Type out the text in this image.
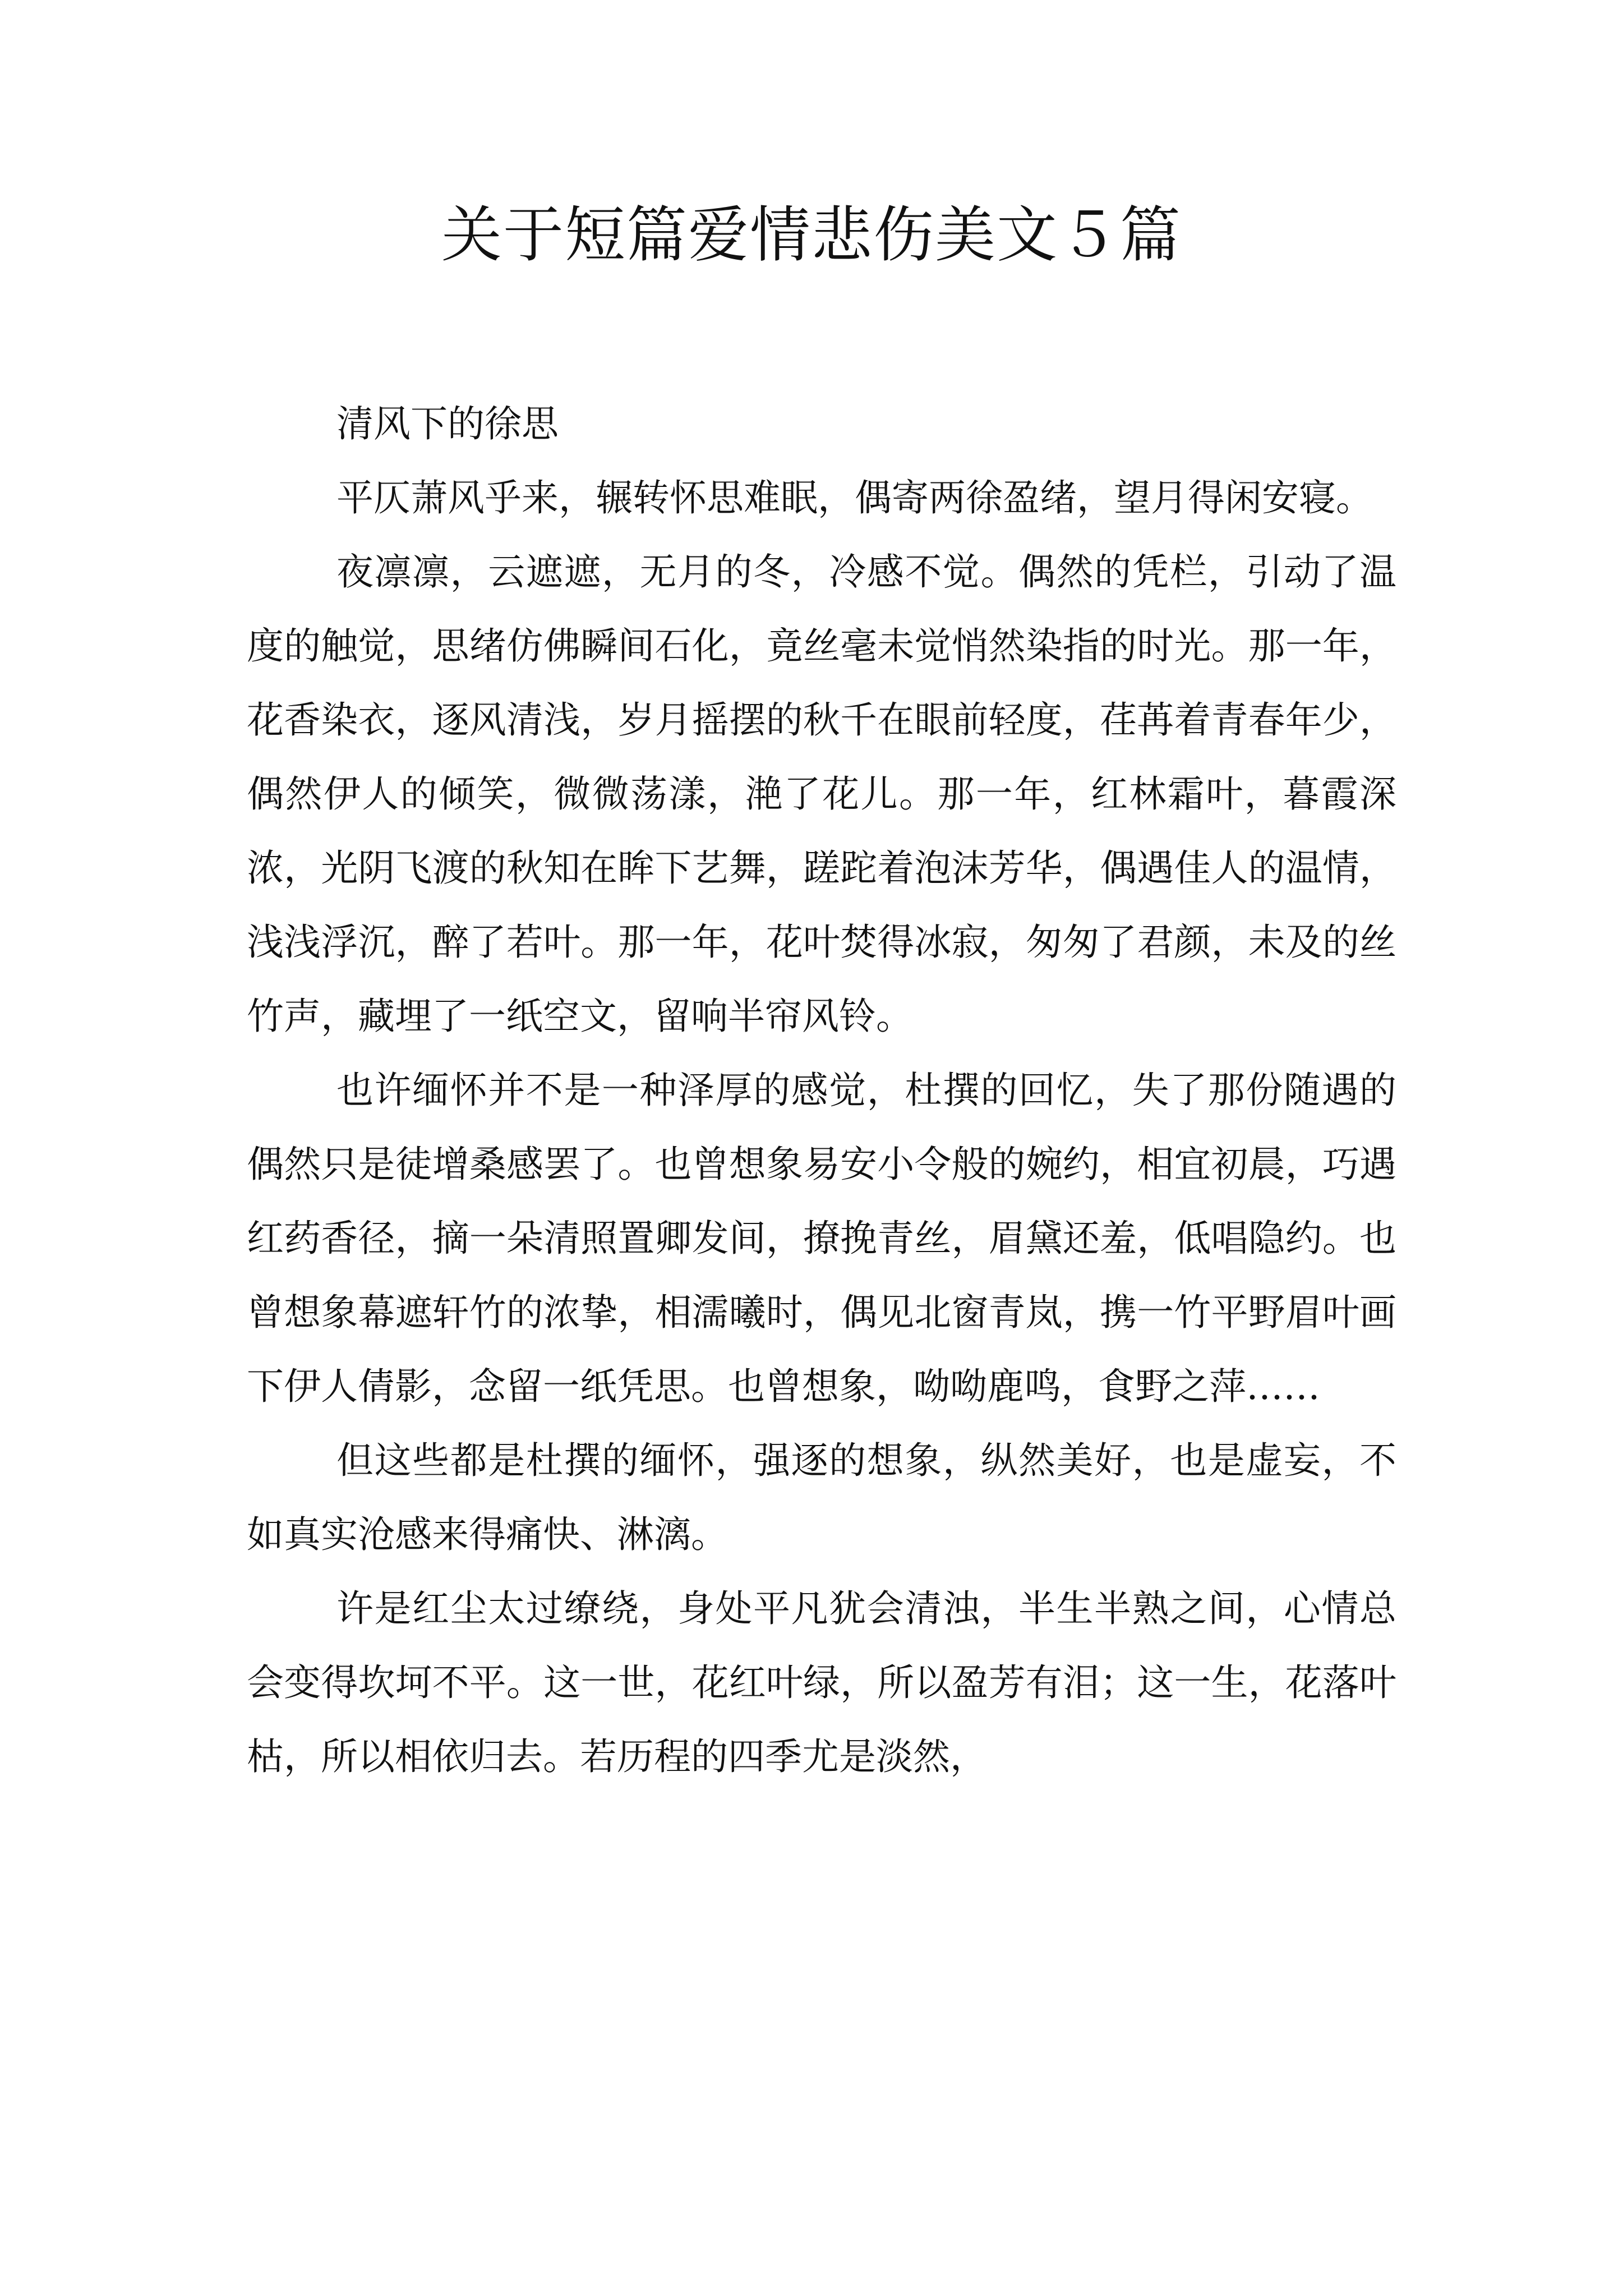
关于短篇爱情悲伤美文５篇

清风下的徐思

平仄萧风乎来，辗转怀思难眠，偶寄两徐盈绪，望月得闲安寝。

夜凛凛，云遮遮，无月的冬，冷感不觉。偶然的凭栏，引动了温度的触觉，思绪仿佛瞬间石化，竟丝毫未觉悄然染指的时光。那一年，花香染衣，逐风清浅，岁月摇摆的秋千在眼前轻度，荏苒着青春年少，偶然伊人的倾笑，微微荡漾，滟了花儿。那一年，红林霜叶，暮霞深浓，光阴飞渡的秋知在眸下艺舞，蹉跎着泡沫芳华，偶遇佳人的温情，浅浅浮沉，醉了若叶。那一年，花叶焚得冰寂，匆匆了君颜，未及的丝竹声，藏埋了一纸空文，留响半帘风铃。

也许缅怀并不是一种泽厚的感觉，杜撰的回忆，失了那份随遇的偶然只是徒增桑感罢了。也曾想象易安小令般的婉约，相宜初晨，巧遇红药香径，摘一朵清照置卿发间，撩挽青丝，眉黛还羞，低唱隐约。也曾想象幕遮轩竹的浓挚，相濡曦时，偶见北窗青岚，携一竹平野眉叶画下伊人倩影，念留一纸凭思。也曾想象，呦呦鹿鸣，食野之萍……

但这些都是杜撰的缅怀，强逐的想象，纵然美好，也是虚妄，不如真实沧感来得痛快、淋漓。

许是红尘太过缭绕，身处平凡犹会清浊，半生半熟之间，心情总会变得坎坷不平。这一世，花红叶绿，所以盈芳有泪；这一生，花落叶枯，所以相依归去。若历程的四季尤是淡然，
